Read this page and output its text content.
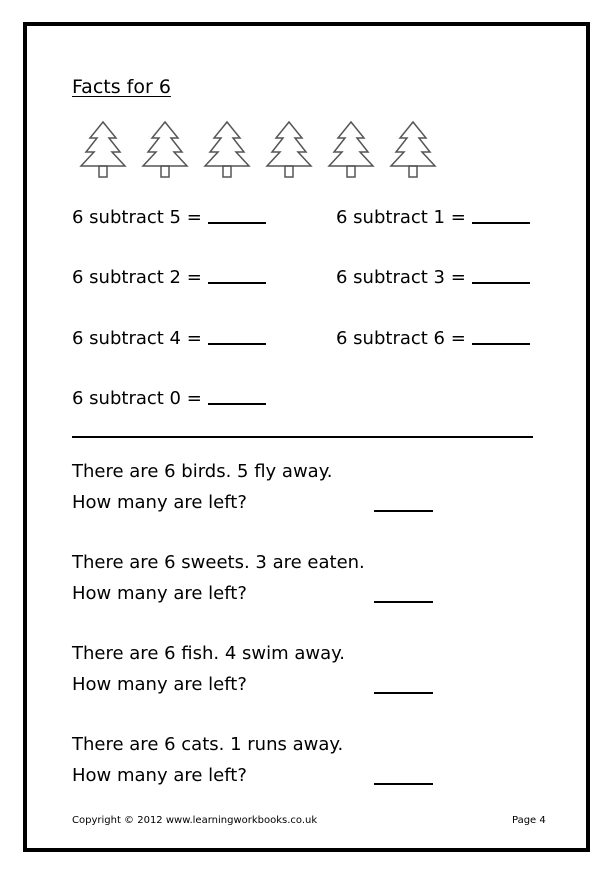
Facts for 6
6 subtract 5 =	6 subtract 1 =
6 subtract 2 =	6 subtract 3 =
6 subtract 4 =	6 subtract 6 =
6 subtract 0 =
There are 6 birds. 5 fly away.
How many are left?
There are 6 sweets. 3 are eaten.
How many are left?
There are 6 fish. 4 swim away.
How many are left?
There are 6 cats. 1 runs away.
How many are left?
Copyright © 2012 www.learningworkbooks.co.uk	Page 4
